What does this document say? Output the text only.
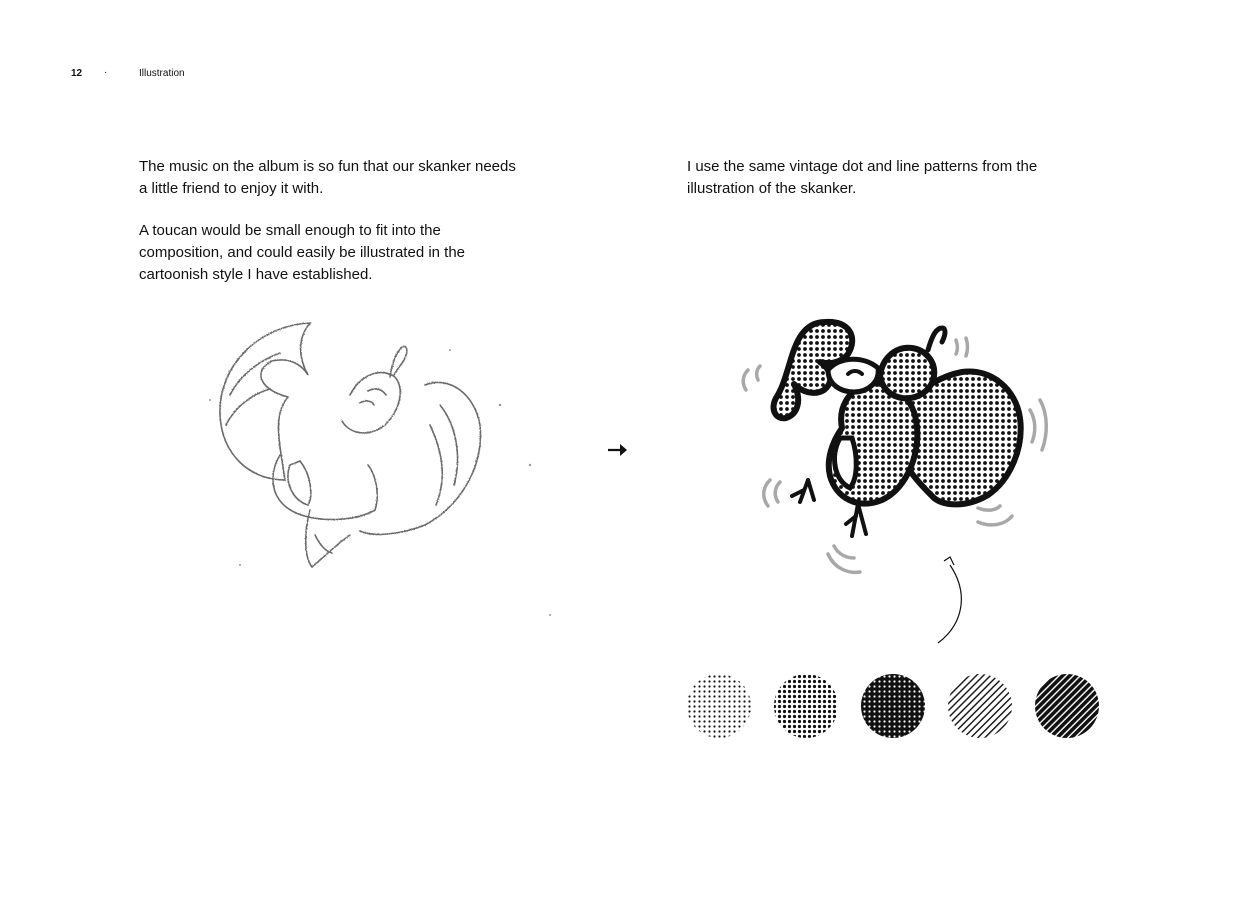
12 ·	Illustration

The music on the album is so fun that our skanker needs a little friend to enjoy it with.

A toucan would be small enough to fit into the composition, and could easily be illustrated in the cartoonish style I have established.

I use the same vintage dot and line patterns from the illustration of the skanker.
